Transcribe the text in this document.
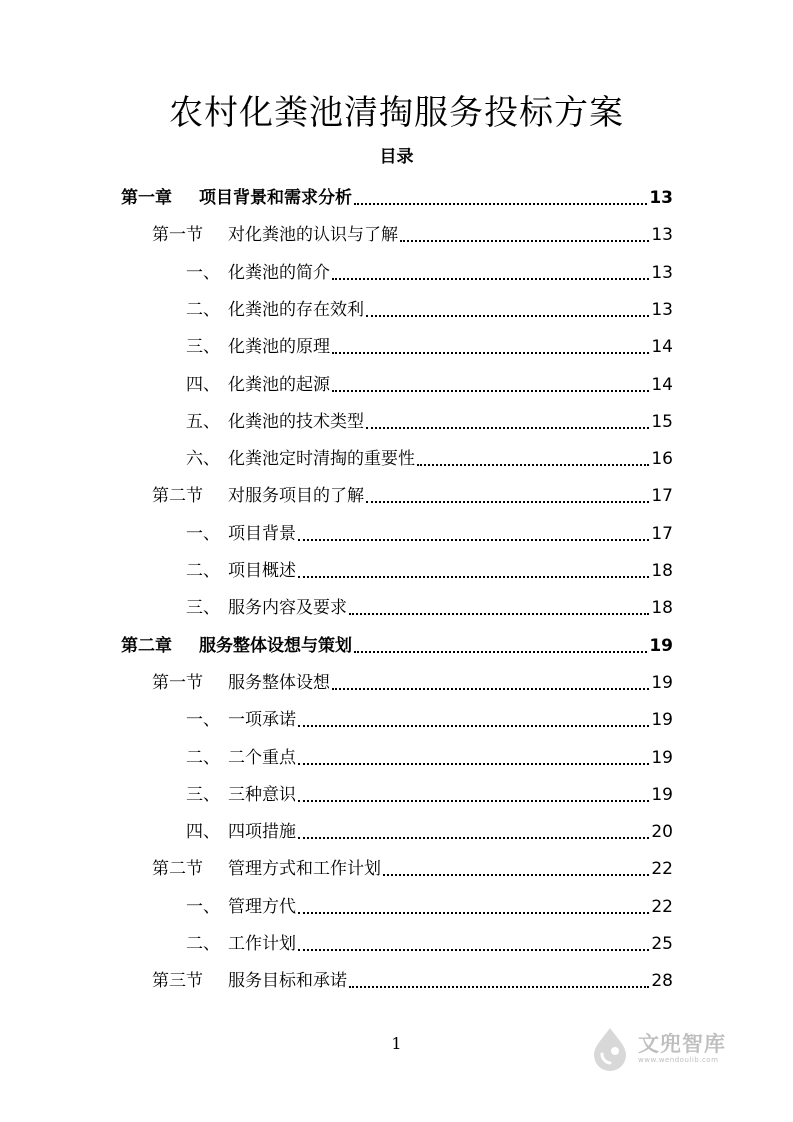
农村化粪池清掏服务投标方案
目录
第一章	项目背景和需求分析	13
第一节	对化粪池的认识与了解	13
一、 化粪池的简介	13
二、 化粪池的存在效利	13
三、 化粪池的原理	14
四、 化粪池的起源	14
五、 化粪池的技术类型	15
六、 化粪池定时清掏的重要性	16
第二节	对服务项目的了解	17
一、 项目背景	17
二、 项目概述	18
三、 服务内容及要求	18
第二章	服务整体设想与策划	19
第一节	服务整体设想	19
一、 一项承诺	19
二、 二个重点	19
三、 三种意识	19
四、 四项措施	20
第二节	管理方式和工作计划	22
一、 管理方代	22
二、 工作计划	25
第三节	服务目标和承诺	28
1	文兜智库
www.wendoulib.com
